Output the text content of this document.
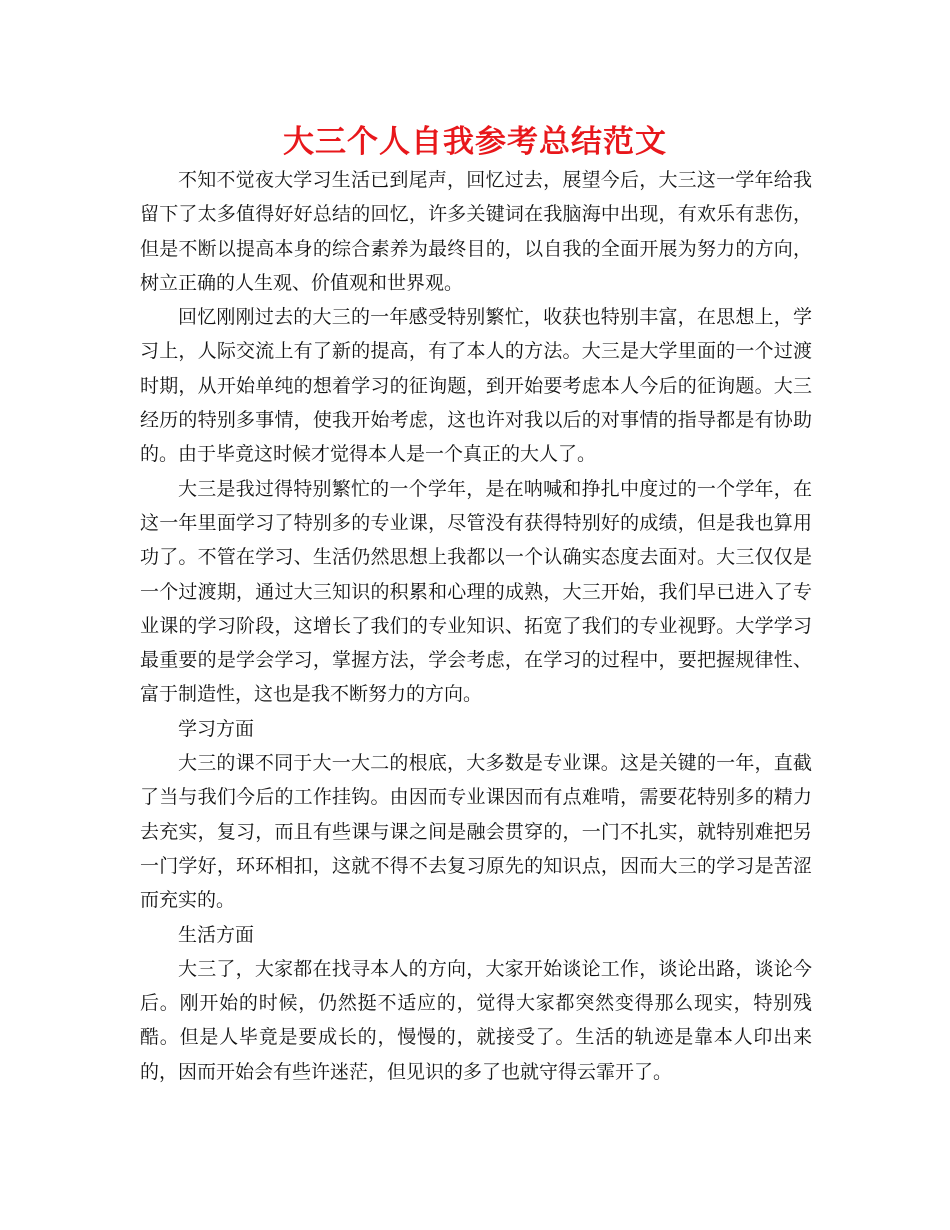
大三个人自我参考总结范文

不知不觉夜大学习生活已到尾声，回忆过去，展望今后，大三这一学年给我留下了太多值得好好总结的回忆，许多关键词在我脑海中出现，有欢乐有悲伤，但是不断以提高本身的综合素养为最终目的，以自我的全面开展为努力的方向，树立正确的人生观、价值观和世界观。

回忆刚刚过去的大三的一年感受特别繁忙，收获也特别丰富，在思想上，学习上，人际交流上有了新的提高，有了本人的方法。大三是大学里面的一个过渡时期，从开始单纯的想着学习的征询题，到开始要考虑本人今后的征询题。大三经历的特别多事情，使我开始考虑，这也许对我以后的对事情的指导都是有协助的。由于毕竟这时候才觉得本人是一个真正的大人了。

大三是我过得特别繁忙的一个学年，是在呐喊和挣扎中度过的一个学年，在这一年里面学习了特别多的专业课，尽管没有获得特别好的成绩，但是我也算用功了。不管在学习、生活仍然思想上我都以一个认确实态度去面对。大三仅仅是一个过渡期，通过大三知识的积累和心理的成熟，大三开始，我们早已进入了专业课的学习阶段，这增长了我们的专业知识、拓宽了我们的专业视野。大学学习最重要的是学会学习，掌握方法，学会考虑，在学习的过程中，要把握规律性、富于制造性，这也是我不断努力的方向。

学习方面

大三的课不同于大一大二的根底，大多数是专业课。这是关键的一年，直截了当与我们今后的工作挂钩。由因而专业课因而有点难啃，需要花特别多的精力去充实，复习，而且有些课与课之间是融会贯穿的，一门不扎实，就特别难把另一门学好，环环相扣，这就不得不去复习原先的知识点，因而大三的学习是苦涩而充实的。

生活方面

大三了，大家都在找寻本人的方向，大家开始谈论工作，谈论出路，谈论今后。刚开始的时候，仍然挺不适应的，觉得大家都突然变得那么现实，特别残酷。但是人毕竟是要成长的，慢慢的，就接受了。生活的轨迹是靠本人印出来的，因而开始会有些许迷茫，但见识的多了也就守得云霏开了。
